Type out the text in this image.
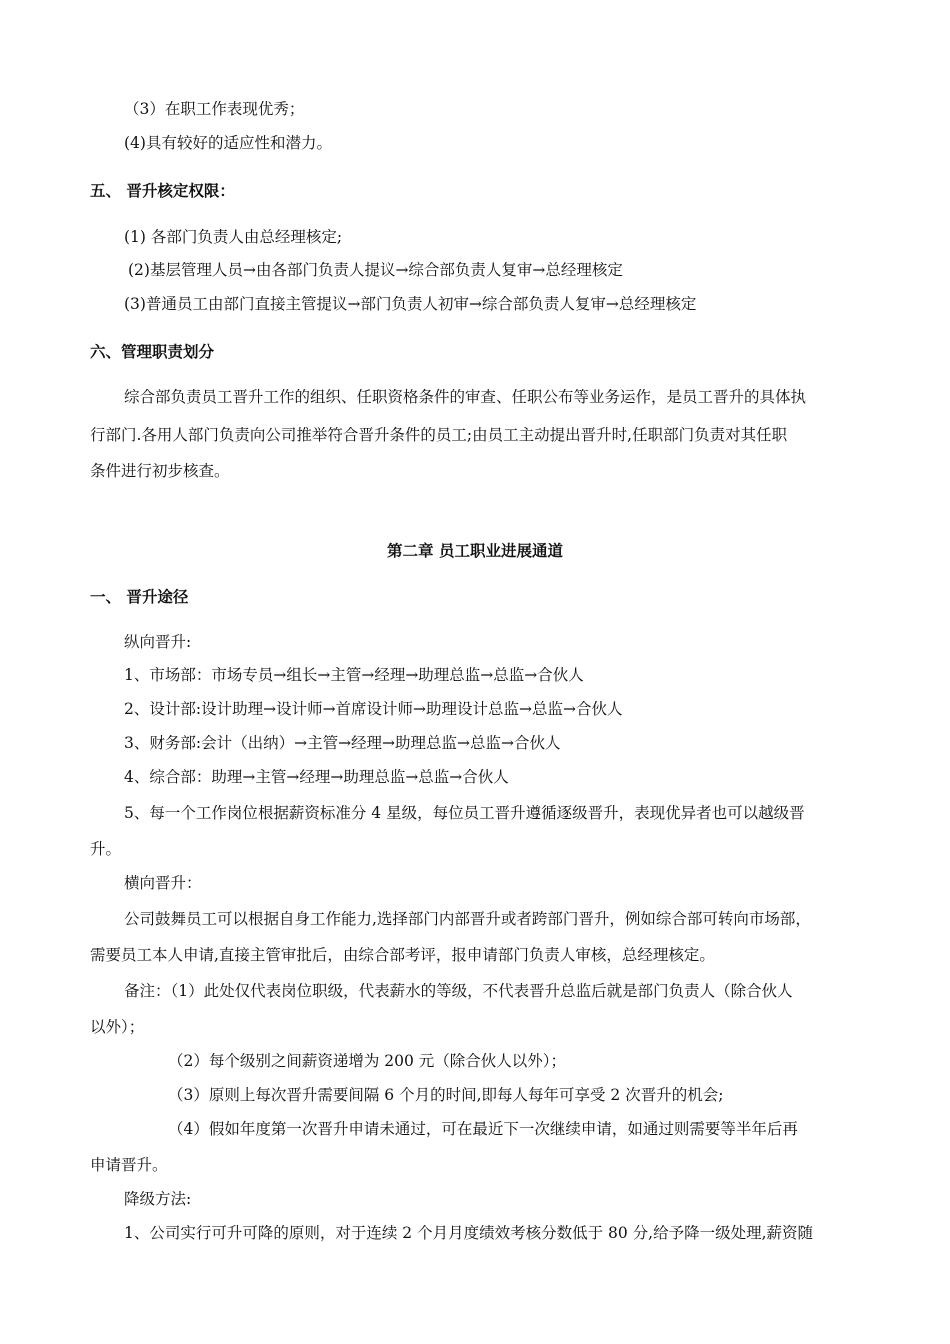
（3）在职工作表现优秀；
(4)具有较好的适应性和潜力。
五、 晋升核定权限：
(1) 各部门负责人由总经理核定;
(2)基层管理人员→由各部门负责人提议→综合部负责人复审→总经理核定
(3)普通员工由部门直接主管提议→部门负责人初审→综合部负责人复审→总经理核定
六、管理职责划分
综合部负责员工晋升工作的组织、任职资格条件的审查、任职公布等业务运作，是员工晋升的具体执
行部门.各用人部门负责向公司推举符合晋升条件的员工;由员工主动提出晋升时,任职部门负责对其任职
条件进行初步核查。
第二章 员工职业进展通道
一、 晋升途径
纵向晋升:
1、市场部：市场专员→组长→主管→经理→助理总监→总监→合伙人
2、设计部:设计助理→设计师→首席设计师→助理设计总监→总监→合伙人
3、财务部:会计（出纳）→主管→经理→助理总监→总监→合伙人
4、综合部：助理→主管→经理→助理总监→总监→合伙人
5、每一个工作岗位根据薪资标准分 4 星级，每位员工晋升遵循逐级晋升，表现优异者也可以越级晋
升。
横向晋升：
公司鼓舞员工可以根据自身工作能力,选择部门内部晋升或者跨部门晋升，例如综合部可转向市场部，
需要员工本人申请,直接主管审批后，由综合部考评，报申请部门负责人审核，总经理核定。
备注：（1）此处仅代表岗位职级，代表薪水的等级，不代表晋升总监后就是部门负责人（除合伙人
以外）；
（2）每个级别之间薪资递增为 200 元（除合伙人以外）；
（3）原则上每次晋升需要间隔 6 个月的时间,即每人每年可享受 2 次晋升的机会;
（4）假如年度第一次晋升申请未通过，可在最近下一次继续申请，如通过则需要等半年后再
申请晋升。
降级方法:
1、公司实行可升可降的原则，对于连续 2 个月月度绩效考核分数低于 80 分,给予降一级处理,薪资随
